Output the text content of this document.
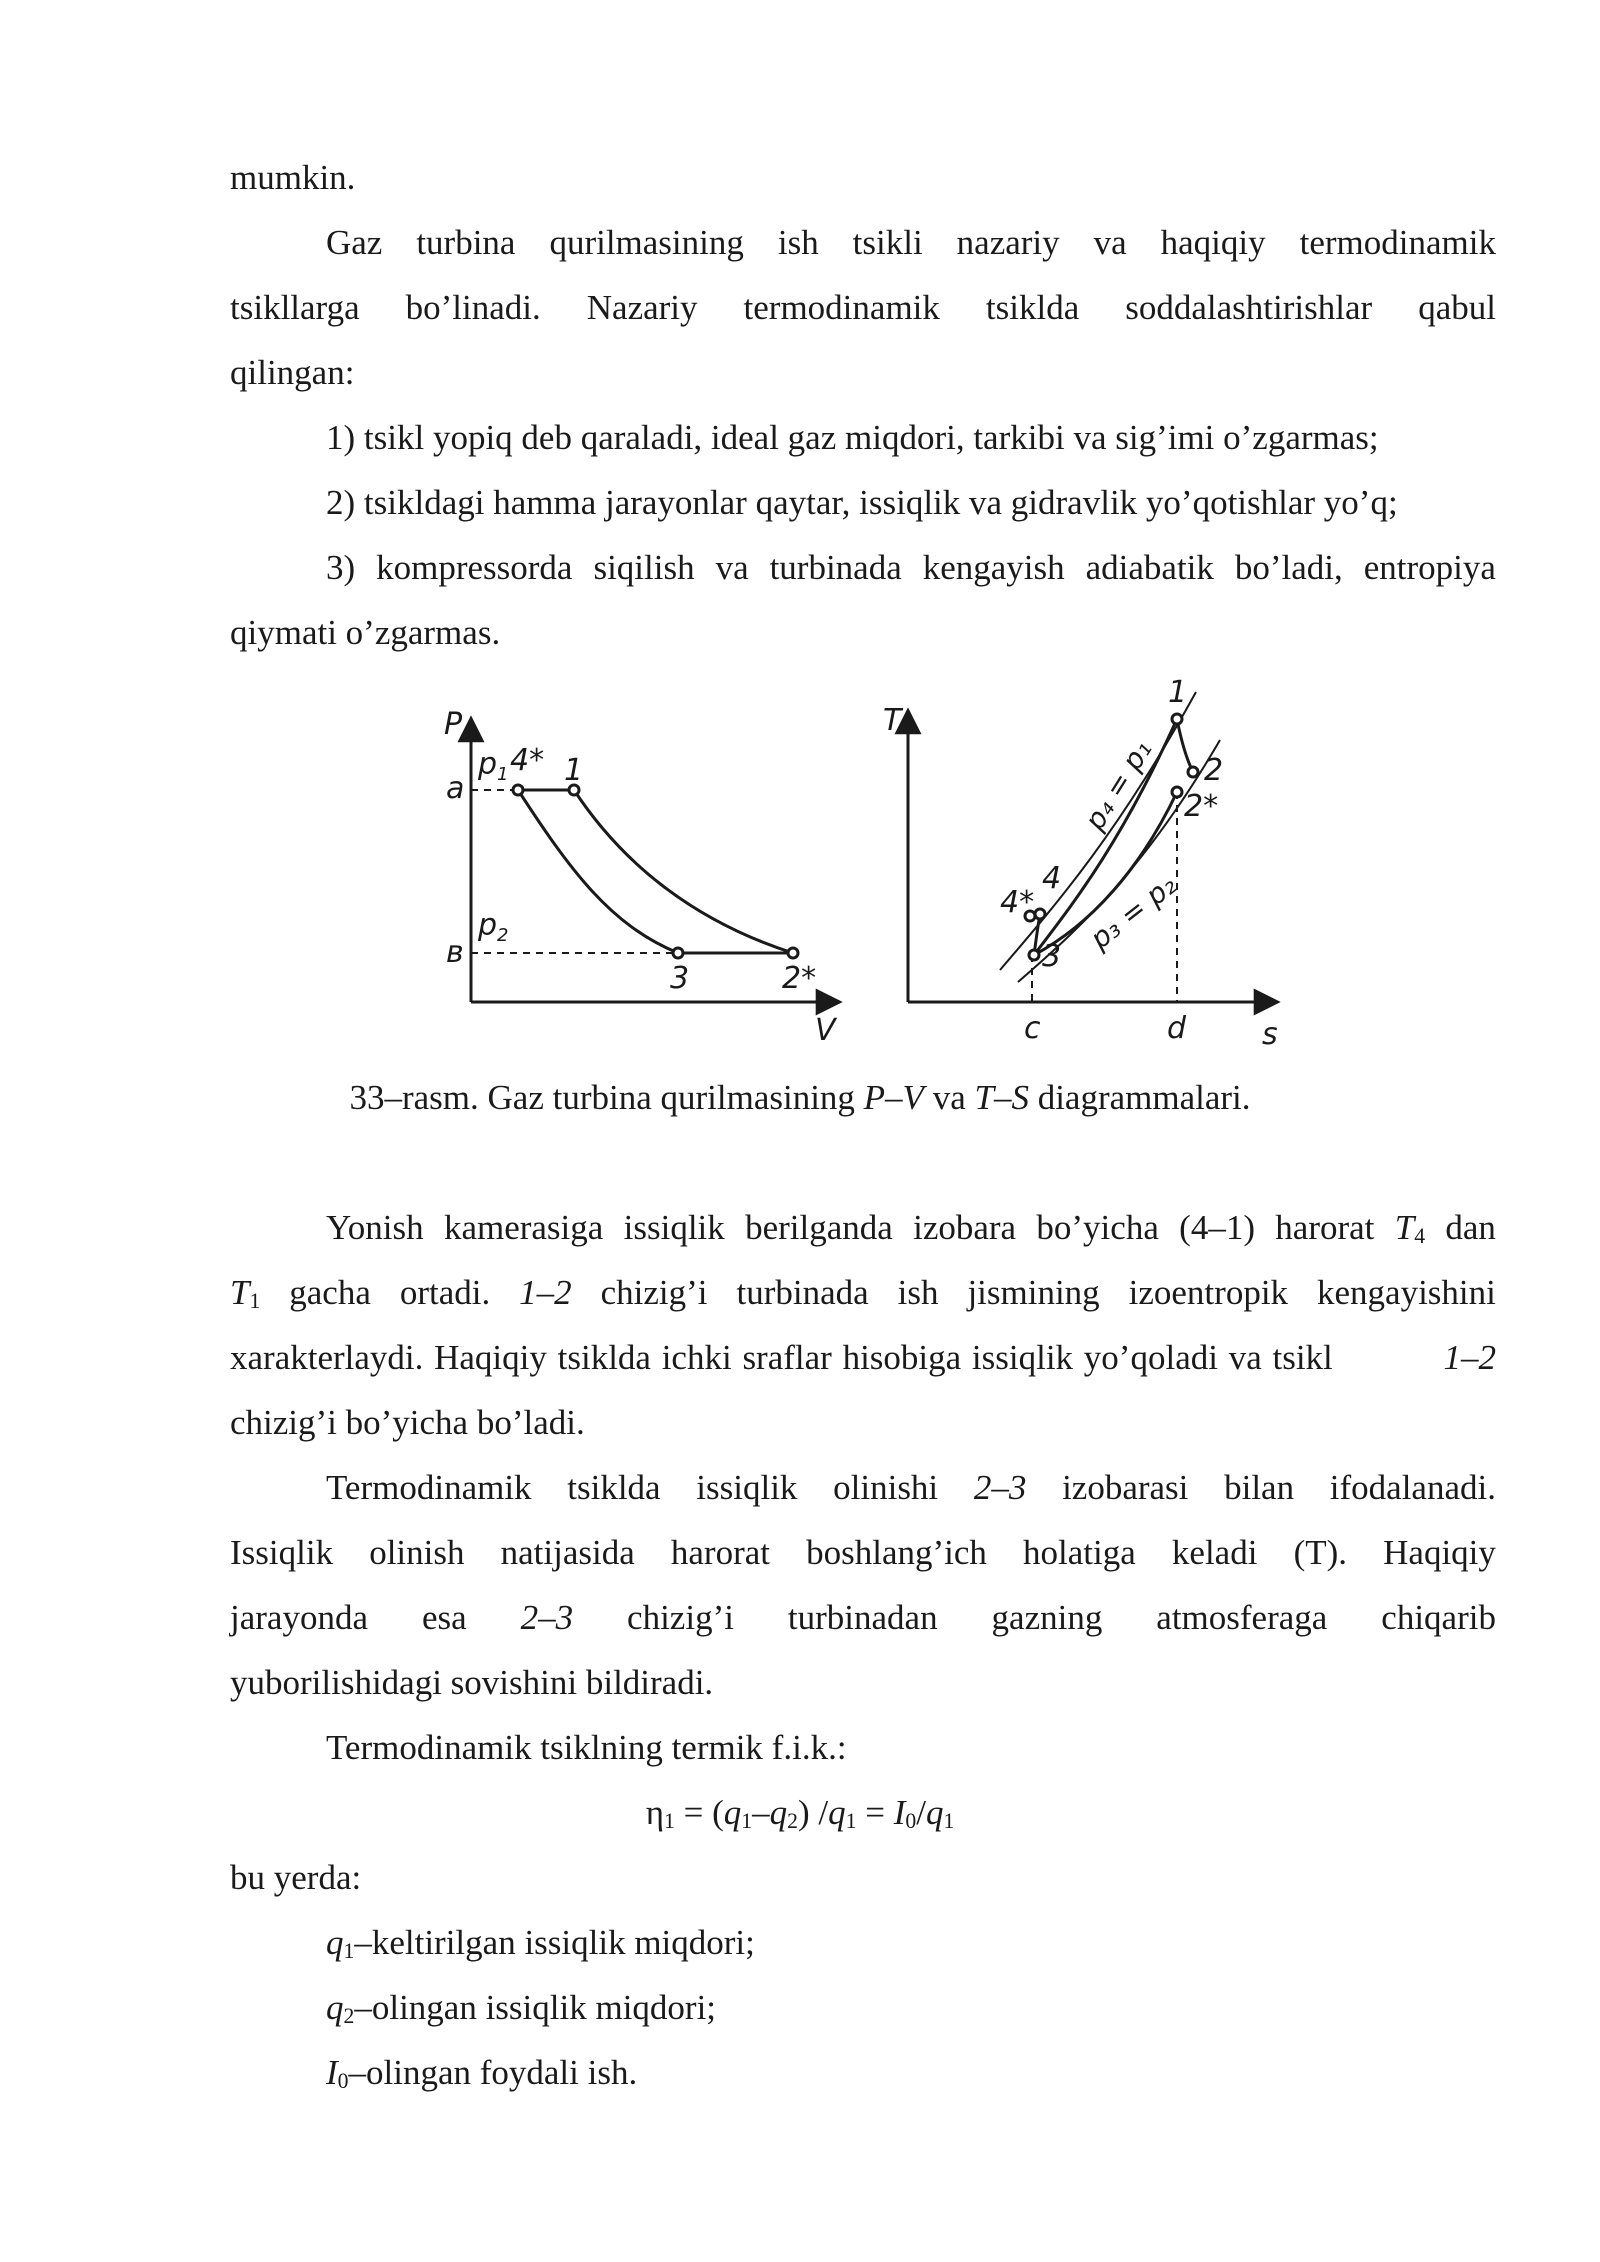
mumkin.
Gaz turbina qurilmasining ish tsikli nazariy va haqiqiy termodinamik
tsikllarga bo’linadi. Nazariy termodinamik tsiklda soddalashtirishlar qabul
qilingan:
1) tsikl yopiq deb qaraladi, ideal gaz miqdori, tarkibi va sig’imi o’zgarmas;
2) tsikldagi hamma jarayonlar qaytar, issiqlik va gidravlik yo’qotishlar yo’q;
3) kompressorda siqilish va turbinada kengayish adiabatik bo’ladi, entropiya
qiymati o’zgarmas.
P
V
a
в
$p_1$ 4*
$p_2$
1
3	2*
T
s
c	d
1
2
2*
3
4
4*
p₄ = p₁
p₃ = p₂
33–rasm. Gaz turbina qurilmasining P–V va T–S diagrammalari.
Yonish kamerasiga issiqlik berilganda izobara bo’yicha (4–1) harorat $T_4$ dan
$T_1$ gacha ortadi. 1–2 chizig’i turbinada ish jismining izoentropik kengayishini
xarakterlaydi. Haqiqiy tsiklda ichki sraflar hisobiga issiqlik yo’qoladi va tsikl	1–2
chizig’i bo’yicha bo’ladi.
Termodinamik tsiklda issiqlik olinishi 2–3 izobarasi bilan ifodalanadi.
Issiqlik olinish natijasida harorat boshlang’ich holatiga keladi (T). Haqiqiy
jarayonda esa 2–3 chizig’i turbinadan gazning atmosferaga chiqarib
yuborilishidagi sovishini bildiradi.
Termodinamik tsiklning termik f.i.k.:
$\eta_1 = (q_1-q_2) /q_1 = I_0/q_1$
bu yerda:
$q_1$–keltirilgan issiqlik miqdori;
$q_2$–olingan issiqlik miqdori;
$I_0$–olingan foydali ish.
